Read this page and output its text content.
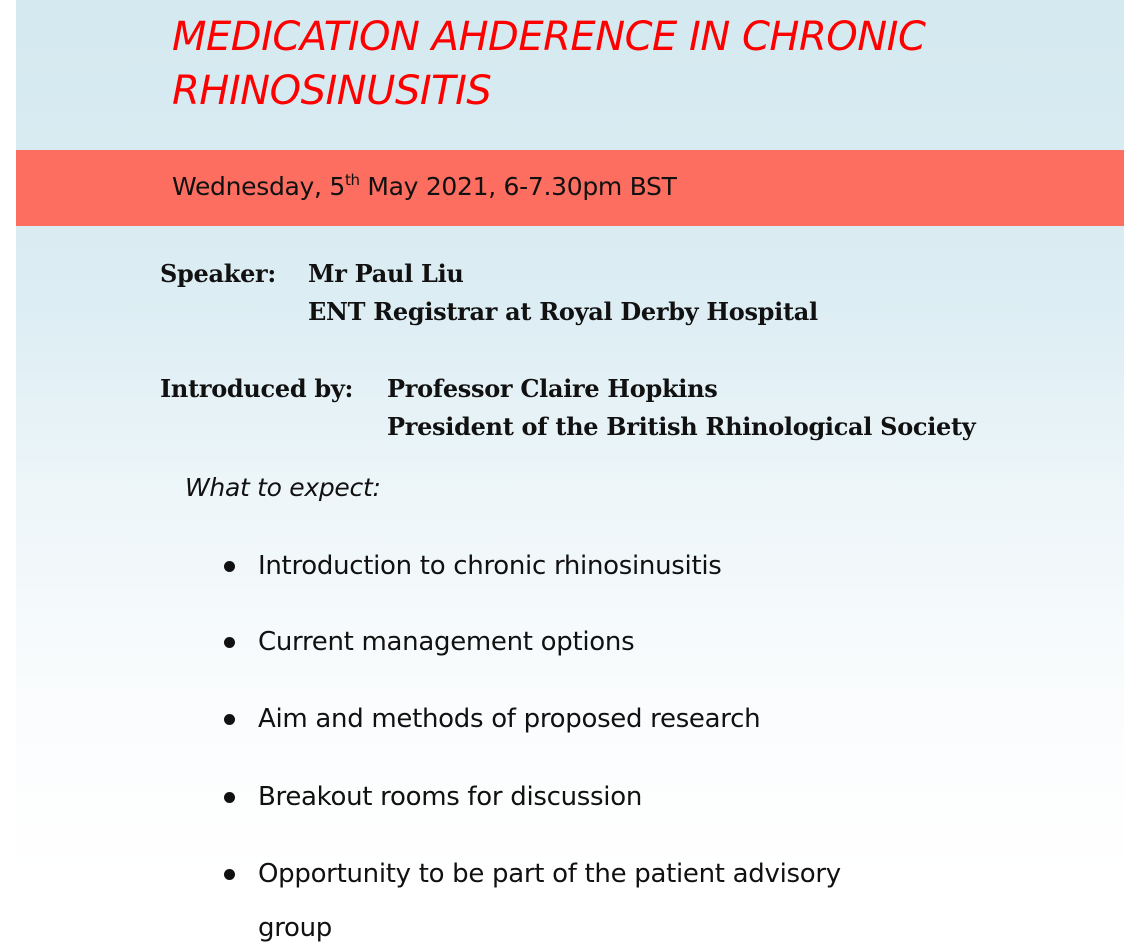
MEDICATION AHDERENCE IN CHRONIC
RHINOSINUSITIS
Wednesday, 5th May 2021, 6-7.30pm BST
Speaker: Mr Paul Liu
ENT Registrar at Royal Derby Hospital
Introduced by: Professor Claire Hopkins
President of the British Rhinological Society
What to expect:
Introduction to chronic rhinosinusitis
Current management options
Aim and methods of proposed research
Breakout rooms for discussion
Opportunity to be part of the patient advisory
group
